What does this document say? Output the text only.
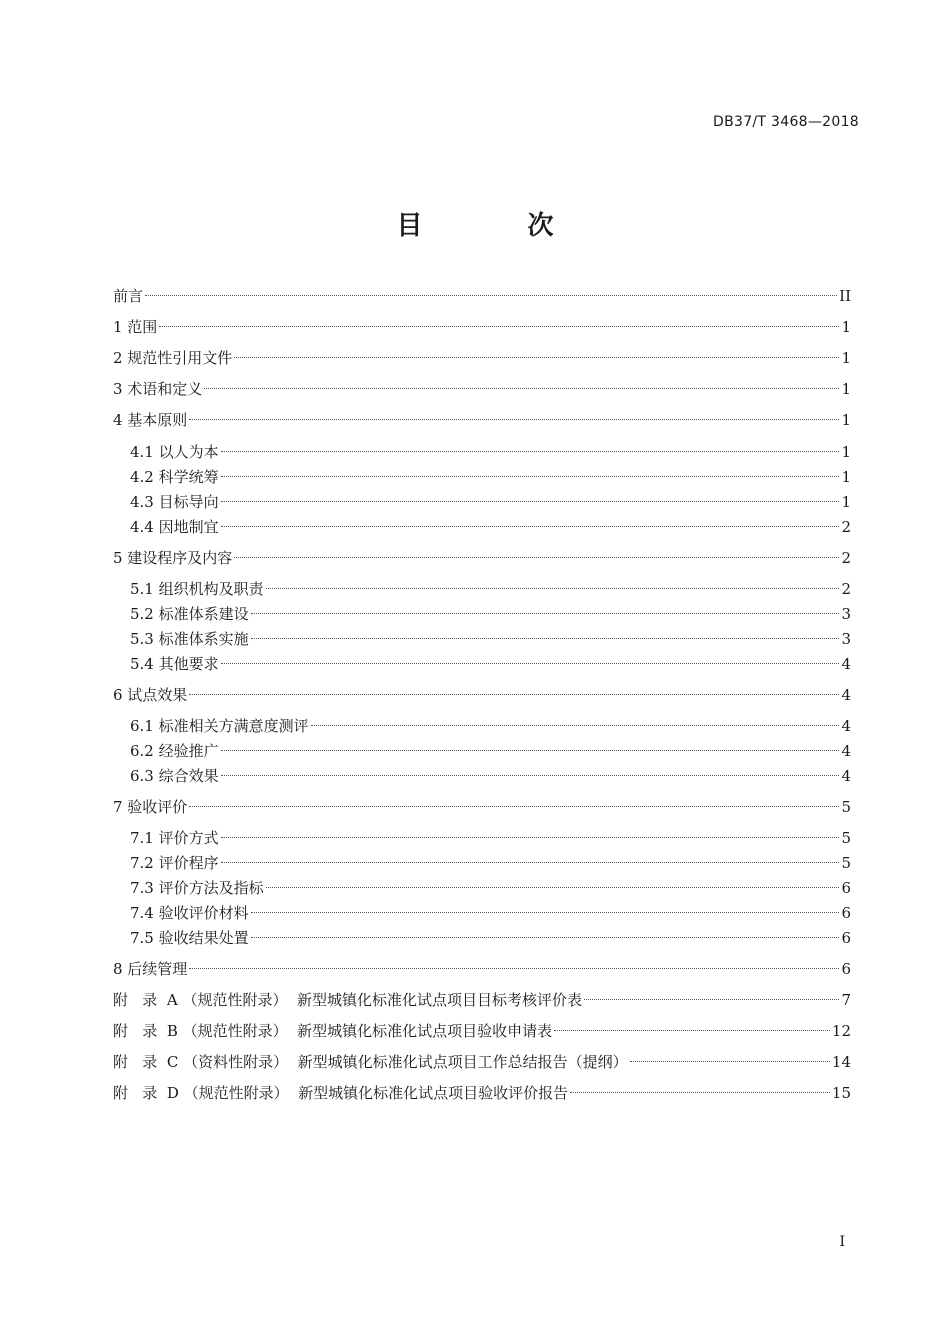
DB37/T 3468—2018
目 次
前言	II
1 范围	1
2 规范性引用文件	1
3 术语和定义	1
4 基本原则	1
4.1 以人为本	1
4.2 科学统筹	1
4.3 目标导向	1
4.4 因地制宜	2
5 建设程序及内容	2
5.1 组织机构及职责	2
5.2 标准体系建设	3
5.3 标准体系实施	3
5.4 其他要求	4
6 试点效果	4
6.1 标准相关方满意度测评	4
6.2 经验推广	4
6.3 综合效果	4
7 验收评价	5
7.1 评价方式	5
7.2 评价程序	5
7.3 评价方法及指标	6
7.4 验收评价材料	6
7.5 验收结果处置	6
8 后续管理	6
附   录  A （规范性附录）  新型城镇化标准化试点项目目标考核评价表	7
附   录  B （规范性附录）  新型城镇化标准化试点项目验收申请表	12
附   录  C （资料性附录）  新型城镇化标准化试点项目工作总结报告（提纲）	14
附   录  D （规范性附录）  新型城镇化标准化试点项目验收评价报告	15
I
